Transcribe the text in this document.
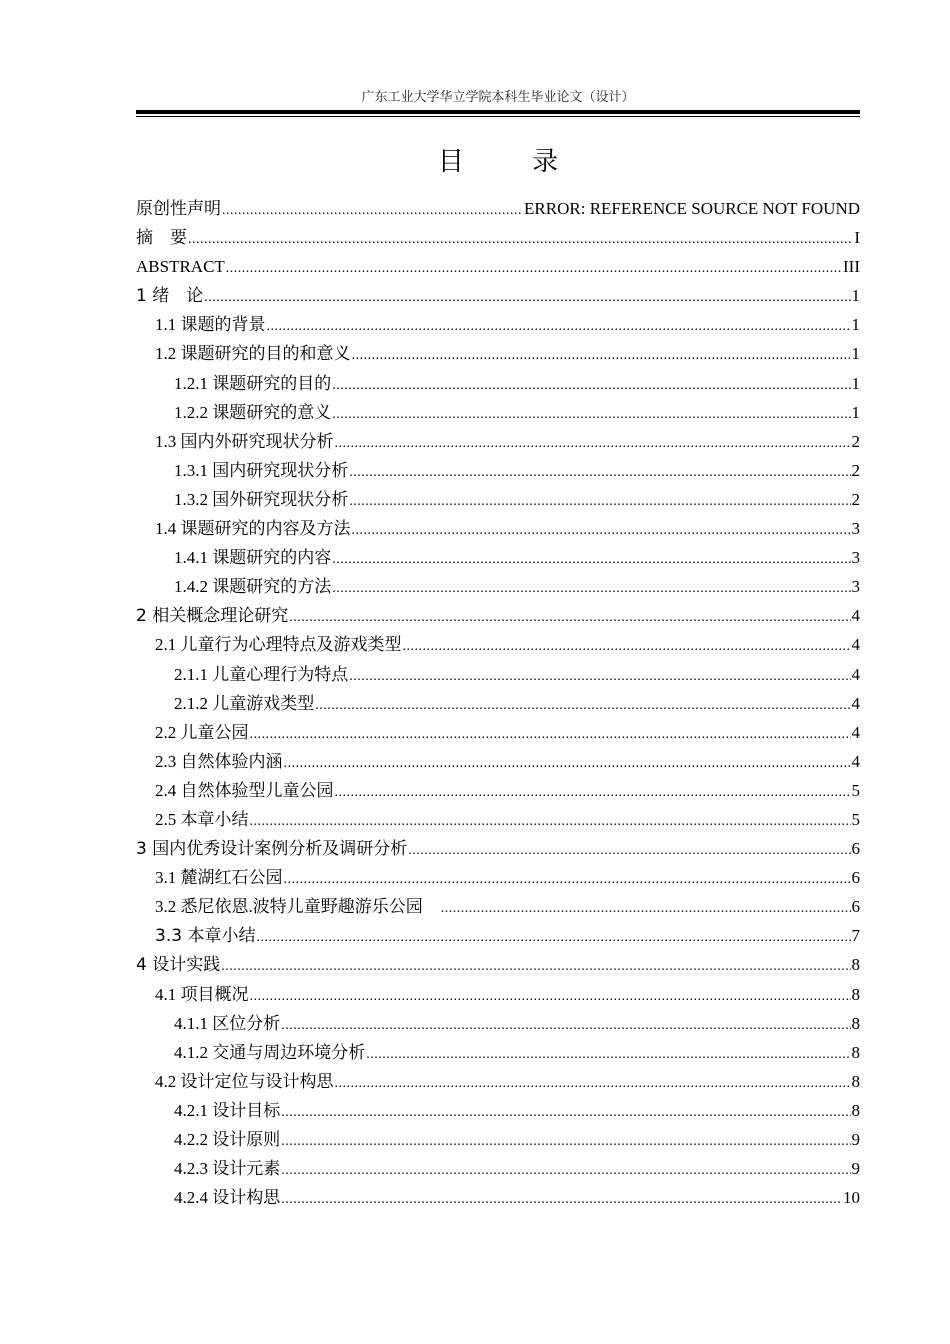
广东工业大学华立学院本科生毕业论文（设计）
目 录
原创性声明 .....	ERROR: REFERENCE SOURCE NOT FOUND
摘　要 .....	I
ABSTRACT .....	III
1 绪　论 .....	1
1.1 课题的背景 .....	1
1.2 课题研究的目的和意义 .....	1
1.2.1 课题研究的目的 .....	1
1.2.2 课题研究的意义 .....	1
1.3 国内外研究现状分析 .....	2
1.3.1 国内研究现状分析 .....	2
1.3.2 国外研究现状分析 .....	2
1.4 课题研究的内容及方法 .....	3
1.4.1 课题研究的内容 .....	3
1.4.2 课题研究的方法 .....	3
2 相关概念理论研究 .....	4
2.1 儿童行为心理特点及游戏类型 .....	4
2.1.1 儿童心理行为特点 .....	4
2.1.2 儿童游戏类型 .....	4
2.2 儿童公园 .....	4
2.3 自然体验内涵 .....	4
2.4 自然体验型儿童公园 .....	5
2.5 本章小结 .....	5
3 国内优秀设计案例分析及调研分析 .....	6
3.1 麓湖红石公园 .....	6
3.2 悉尼依恩.波特儿童野趣游乐公园　 .....	6
3.3 本章小结 .....	7
4 设计实践 .....	8
4.1 项目概况 .....	8
4.1.1 区位分析 .....	8
4.1.2 交通与周边环境分析 .....	8
4.2 设计定位与设计构思 .....	8
4.2.1 设计目标 .....	8
4.2.2 设计原则 .....	9
4.2.3 设计元素 .....	9
4.2.4 设计构思 .....	10
